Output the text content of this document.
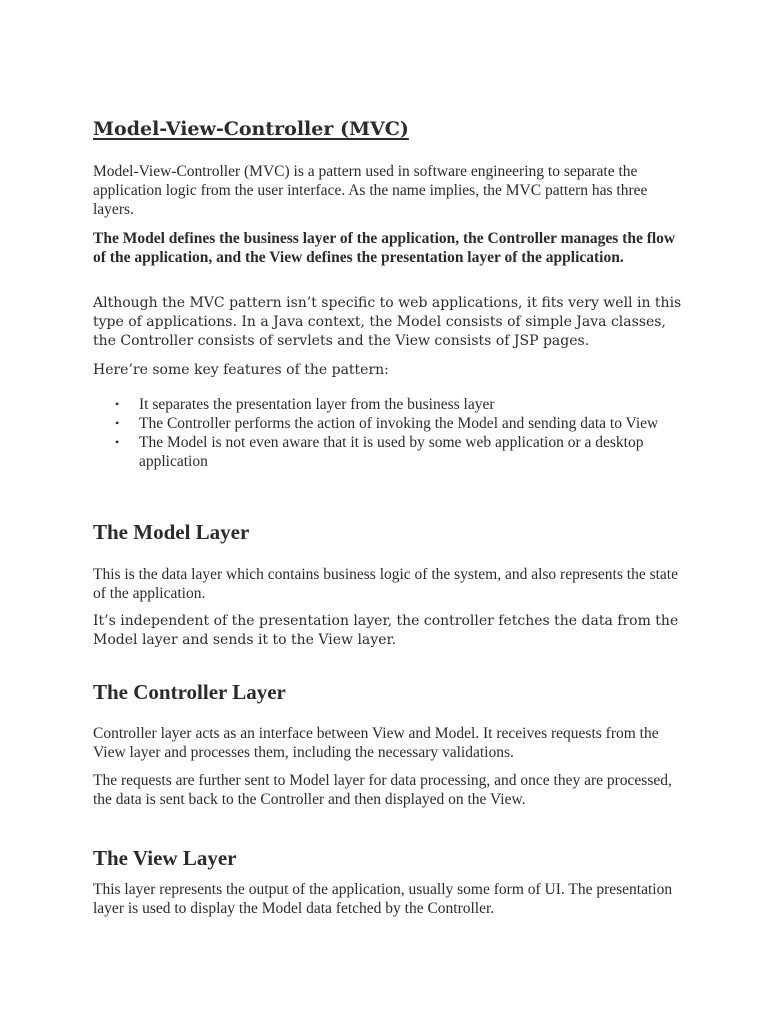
Model-View-Controller (MVC)

Model-View-Controller (MVC) is a pattern used in software engineering to separate the application logic from the user interface. As the name implies, the MVC pattern has three layers.

The Model defines the business layer of the application, the Controller manages the flow of the application, and the View defines the presentation layer of the application.

Although the MVC pattern isn’t specific to web applications, it fits very well in this type of applications. In a Java context, the Model consists of simple Java classes, the Controller consists of servlets and the View consists of JSP pages.

Here’re some key features of the pattern:

• It separates the presentation layer from the business layer
• The Controller performs the action of invoking the Model and sending data to View
• The Model is not even aware that it is used by some web application or a desktop application
The Model Layer

This is the data layer which contains business logic of the system, and also represents the state of the application.

It’s independent of the presentation layer, the controller fetches the data from the Model layer and sends it to the View layer.

The Controller Layer

Controller layer acts as an interface between View and Model. It receives requests from the View layer and processes them, including the necessary validations.

The requests are further sent to Model layer for data processing, and once they are processed, the data is sent back to the Controller and then displayed on the View.

The View Layer

This layer represents the output of the application, usually some form of UI. The presentation layer is used to display the Model data fetched by the Controller.
